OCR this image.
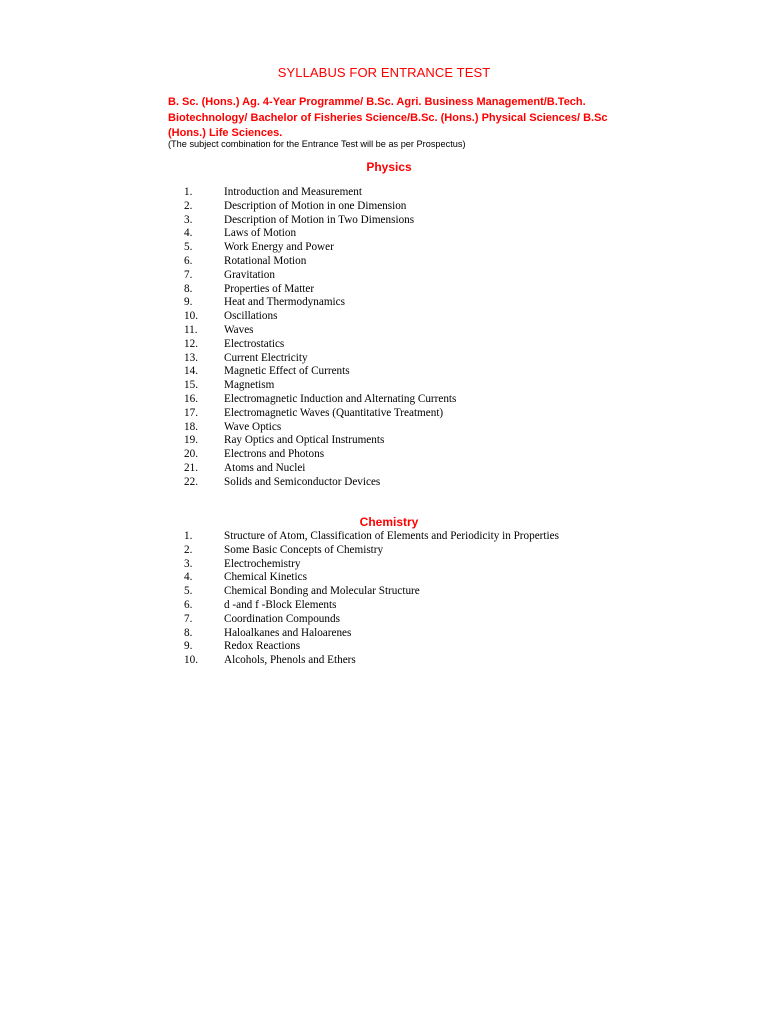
SYLLABUS FOR ENTRANCE TEST

B. Sc. (Hons.) Ag. 4-Year Programme/ B.Sc. Agri. Business Management/B.Tech. Biotechnology/ Bachelor of Fisheries Science/B.Sc. (Hons.) Physical Sciences/ B.Sc (Hons.) Life Sciences.

(The subject combination for the Entrance Test will be as per Prospectus)

Physics
1.	Introduction and Measurement
2.	Description of Motion in one Dimension
3.	Description of Motion in Two Dimensions
4.	Laws of Motion
5.	Work Energy and Power
6.	Rotational Motion
7.	Gravitation
8.	Properties of Matter
9.	Heat and Thermodynamics
10. Oscillations
11. Waves
12. Electrostatics
13. Current Electricity
14. Magnetic Effect of Currents
15. Magnetism
16. Electromagnetic Induction and Alternating Currents
17. Electromagnetic Waves (Quantitative Treatment)
18. Wave Optics
19. Ray Optics and Optical Instruments
20. Electrons and Photons
21. Atoms and Nuclei
22. Solids and Semiconductor Devices
Chemistry
1.	Structure of Atom, Classification of Elements and Periodicity in Properties
2.	Some Basic Concepts of Chemistry
3.	Electrochemistry
4.	Chemical Kinetics
5.	Chemical Bonding and Molecular Structure
6.	d -and f -Block Elements
7.	Coordination Compounds
8.	Haloalkanes and Haloarenes
9.	Redox Reactions
10. Alcohols, Phenols and Ethers
